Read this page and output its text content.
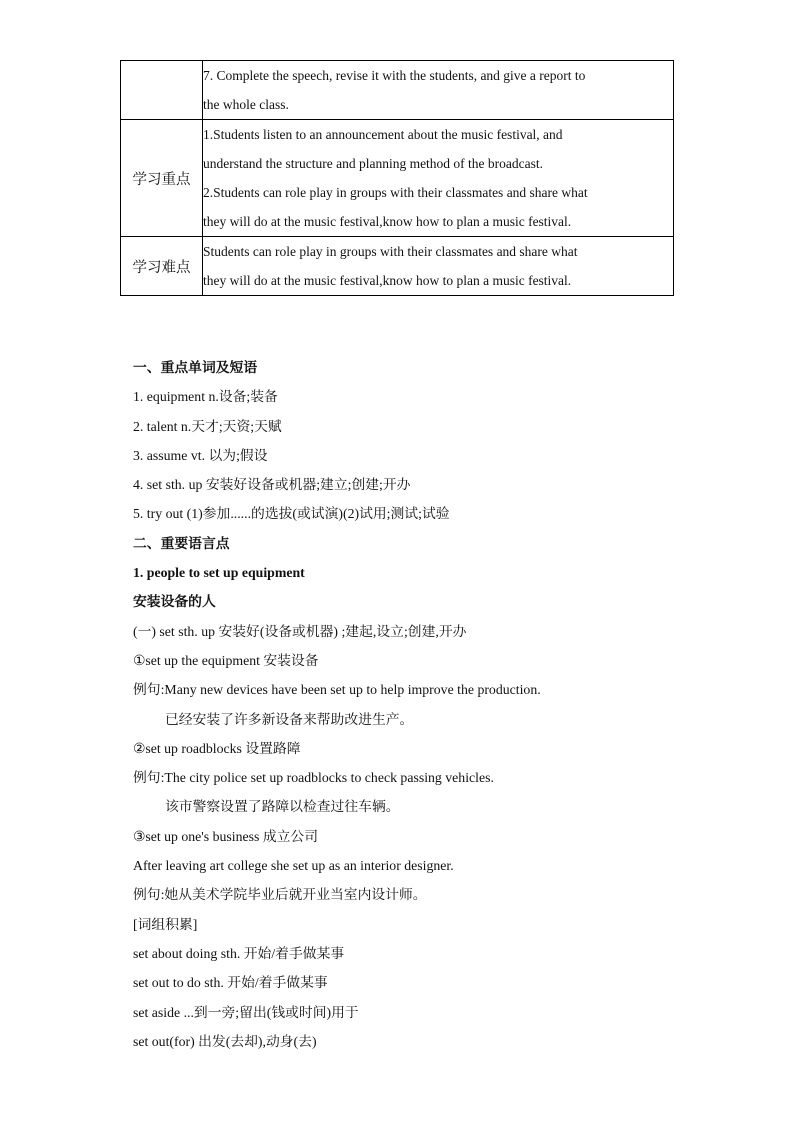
	7. Complete the speech, revise it with the students, and give a report to
the whole class.

学习重点	1.Students listen to an announcement about the music festival, and
understand the structure and planning method of the broadcast.
2.Students can role play in groups with their classmates and share what
they will do at the music festival,know how to plan a music festival.

学习难点	Students can role play in groups with their classmates and share what
they will do at the music festival,know how to plan a music festival.
一、重点单词及短语
1. equipment n.设备;装备
2. talent n.天才;天资;天赋
3. assume vt. 以为;假设
4. set sth. up 安装好设备或机器;建立;创建;开办
5. try out (1)参加......的选拔(或试演)(2)试用;测试;试验
二、重要语言点
1. people to set up equipment
安装设备的人
(一) set sth. up 安装好(设备或机器) ;建起,设立;创建,开办
①set up the equipment 安装设备
例句:Many new devices have been set up to help improve the production.
已经安装了许多新设备来帮助改进生产。
②set up roadblocks 设置路障
例句:The city police set up roadblocks to check passing vehicles.
该市警察设置了路障以检查过往车辆。
③set up one's business 成立公司
After leaving art college she set up as an interior designer.
例句:她从美术学院毕业后就开业当室内设计师。
[词组积累]
set about doing sth. 开始/着手做某事
set out to do sth. 开始/着手做某事
set aside ...到一旁;留出(钱或时间)用于
set out(for) 出发(去却),动身(去)
